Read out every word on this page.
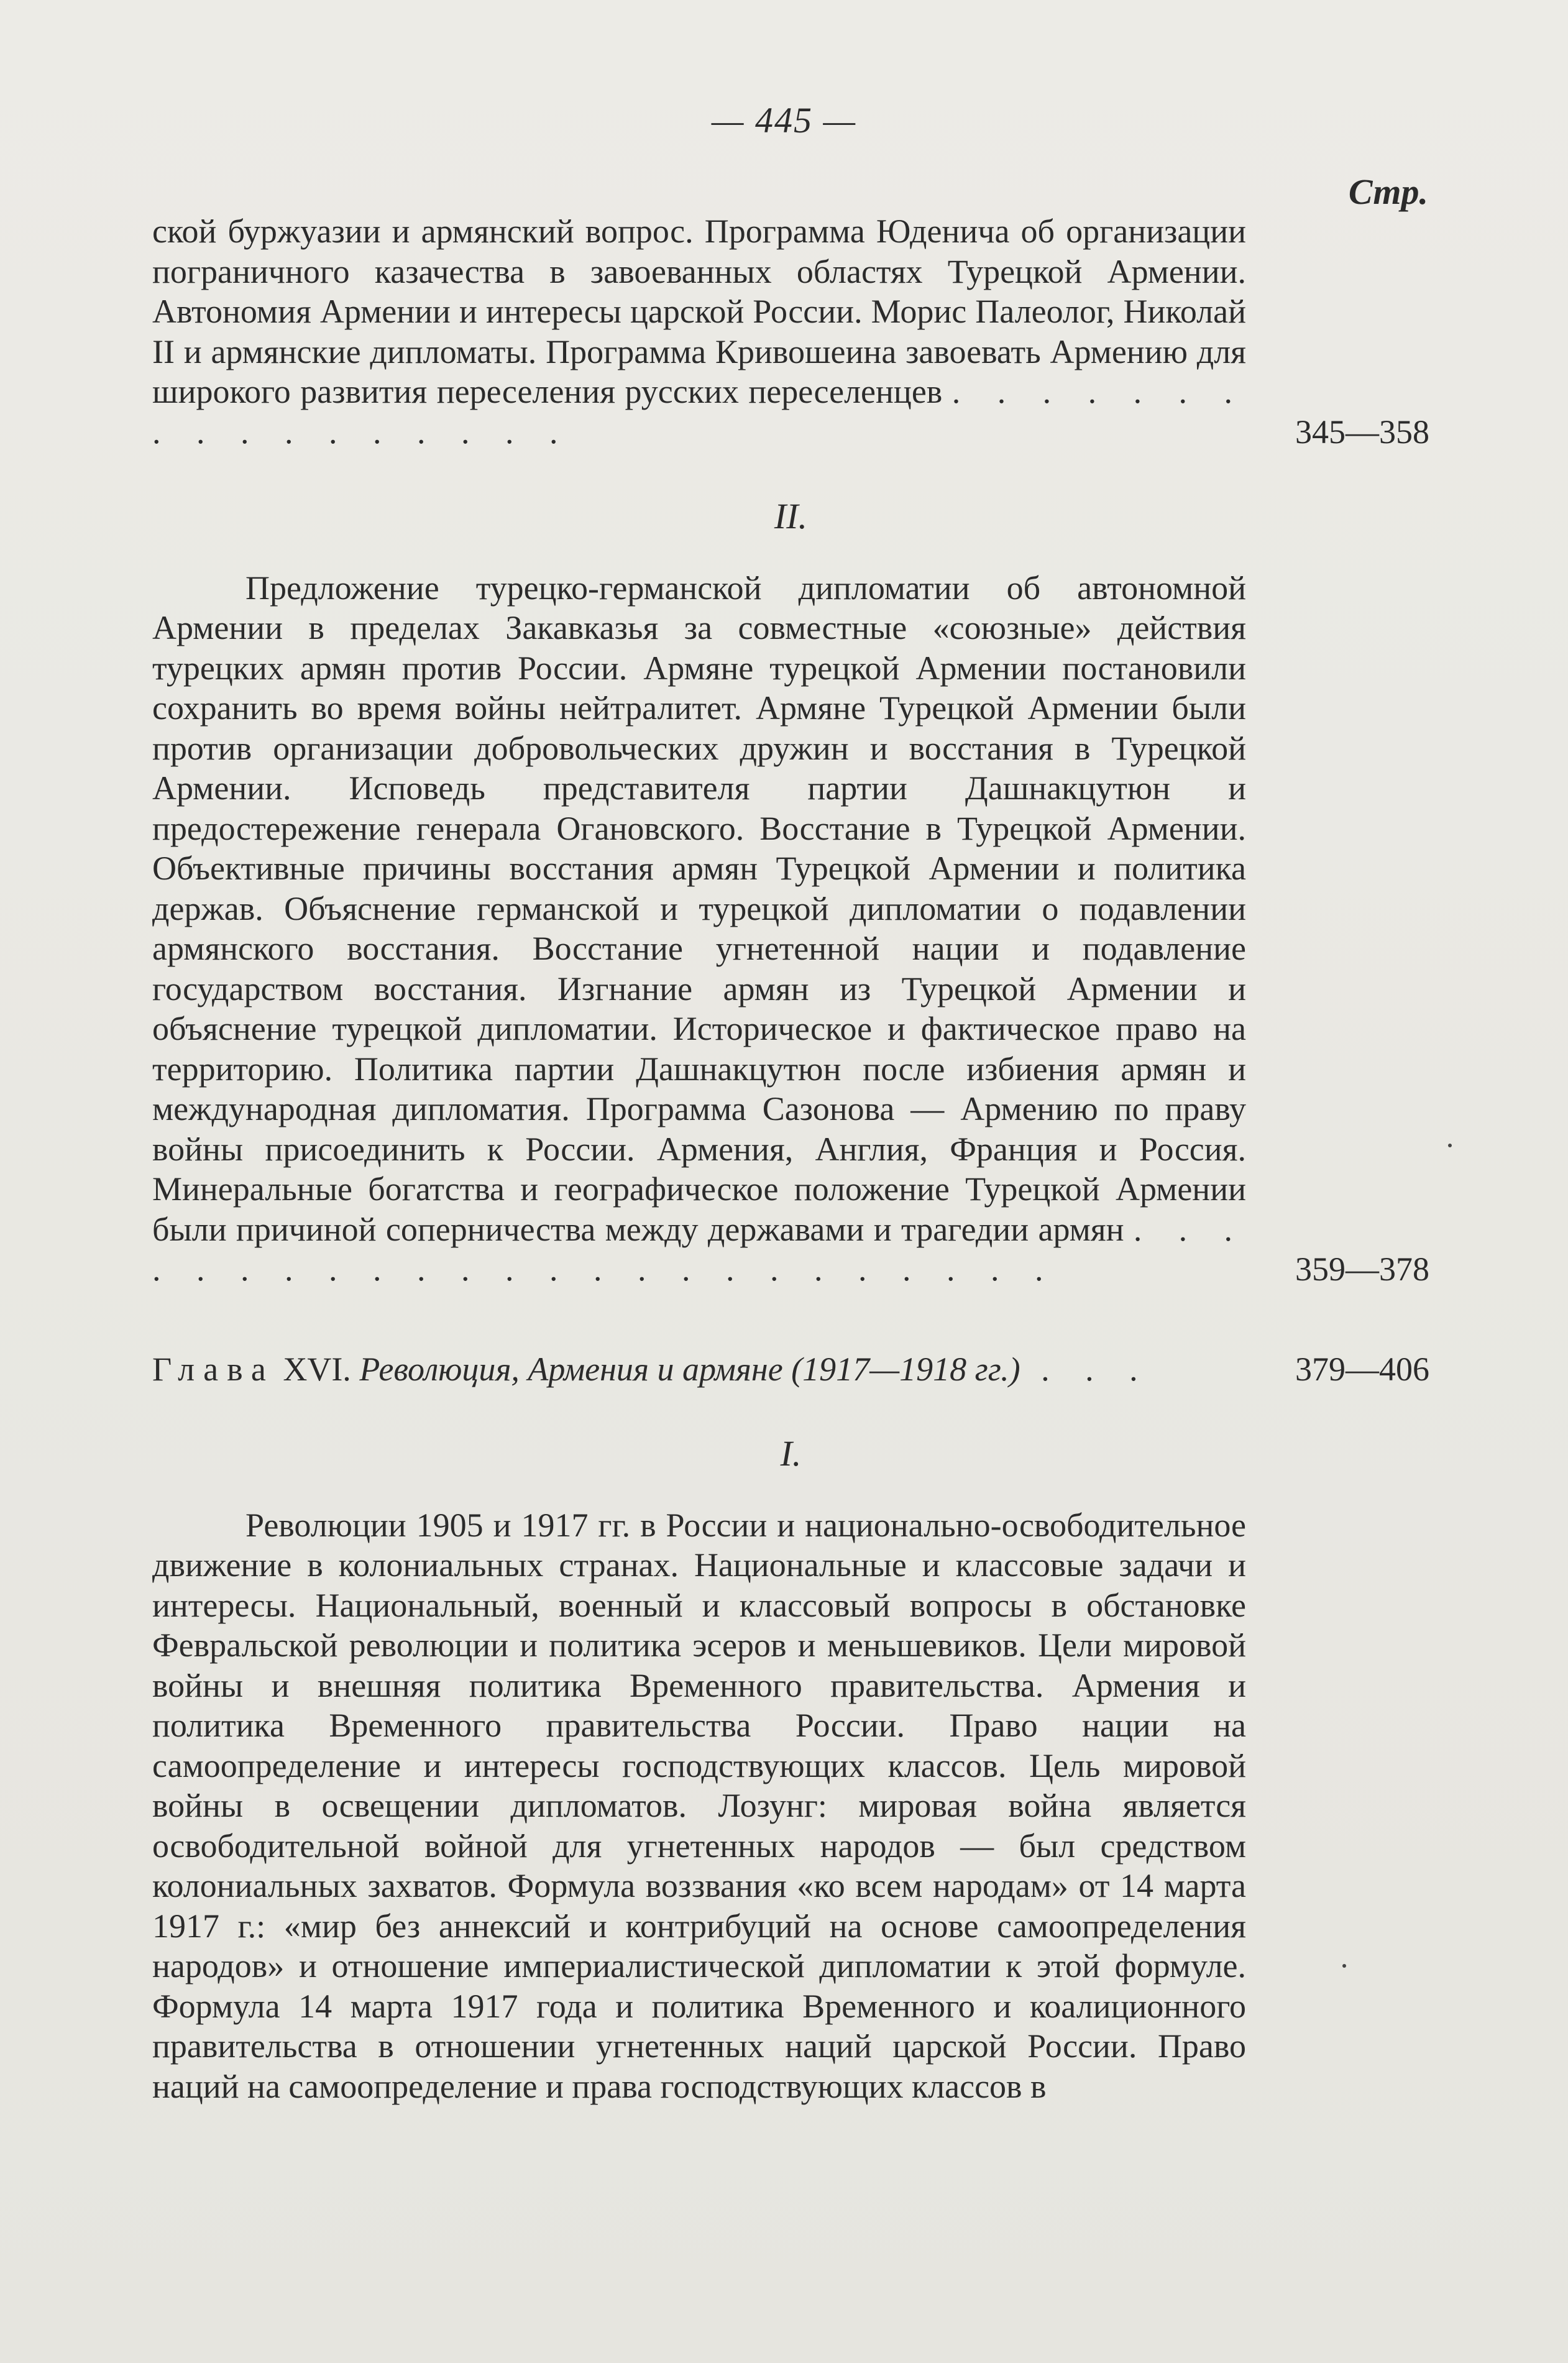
— 445 —
Стр.

ской буржуазии и армянский вопрос. Программа Юденича об организации пограничного казачества в завоеванных областях Турецкой Армении. Автономия Армении и интересы царской России. Морис Палеолог, Николай II и армянские дипломаты. Программа Кривошеина завоевать Армению для широкого развития переселения русских переселенцев . . . . . . . . . . . . . . . . .	345—358

II.

Предложение турецко-германской дипломатии об автономной Армении в пределах Закавказья за совместные «союзные» действия турецких армян против России. Армяне турецкой Армении постановили сохранить во время войны нейтралитет. Армяне Турецкой Армении были против организации добровольческих дружин и восстания в Турецкой Армении. Исповедь представителя партии Дашнакцутюн и предостережение генерала Огановского. Восстание в Турецкой Армении. Объективные причины восстания армян Турецкой Армении и политика держав. Объяснение германской и турецкой дипломатии о подавлении армянского восстания. Восстание угнетенной нации и подавление государством восстания. Изгнание армян из Турецкой Армении и объяснение турецкой дипломатии. Историческое и фактическое право на территорию. Политика партии Дашнакцутюн после избиения армян и международная дипломатия. Программа Сазонова — Армению по праву войны присоединить к России. Армения, Англия, Франция и Россия. Минеральные богатства и географическое положение Турецкой Армении были причиной соперничества между державами и трагедии армян . . . . . . . . . . . . . . . . . . . . . . . .	359—378
Глава XVI. Революция, Армения и армяне (1917—1918 гг.) . . .	379—406

I.

Революции 1905 и 1917 гг. в России и национально-освободительное движение в колониальных странах. Национальные и классовые задачи и интересы. Национальный, военный и классовый вопросы в обстановке Февральской революции и политика эсеров и меньшевиков. Цели мировой войны и внешняя политика Временного правительства. Армения и политика Временного правительства России. Право нации на самоопределение и интересы господствующих классов. Цель мировой войны в освещении дипломатов. Лозунг: мировая война является освободительной войной для угнетенных народов — был средством колониальных захватов. Формула воззвания «ко всем народам» от 14 марта 1917 г.: «мир без аннексий и контрибуций на основе самоопределения народов» и отношение империалистической дипломатии к этой формуле. Формула 14 марта 1917 года и политика Временного и коалиционного правительства в отношении угнетенных наций царской России. Право наций на самоопределение и права господствующих классов в
